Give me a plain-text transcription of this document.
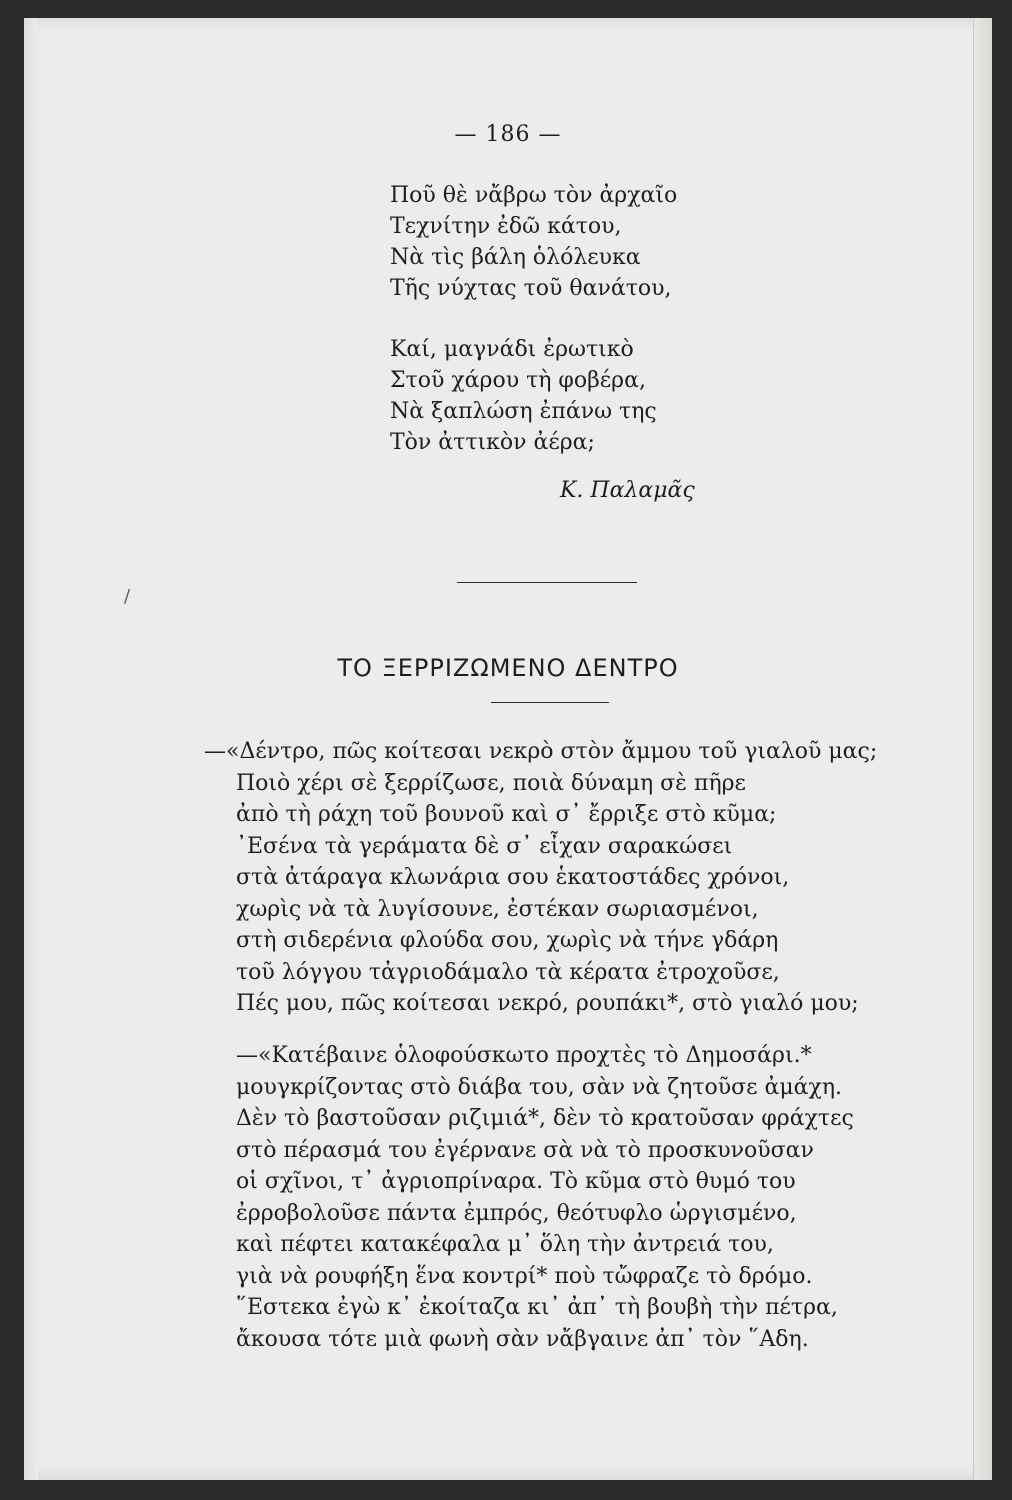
— 186 —
Ποῦ θὲ νἄβρω τὸν ἀρχαῖο
Τεχνίτην ἐδῶ κάτου,
Νὰ τὶς βάλη ὁλόλευκα
Τῆς νύχτας τοῦ θανάτου,
Καί, μαγνάδι ἐρωτικὸ
Στοῦ χάρου τὴ φοβέρα,
Νὰ ξαπλώση ἐπάνω της
Τὸν ἀττικὸν ἀέρα;
Κ. Παλαμᾶς
/
ΤΟ ΞΕΡΡΙΖΩΜΕΝΟ ΔΕΝΤΡΟ
—«Δέντρο, πῶς κοίτεσαι νεκρὸ στὸν ἄμμου τοῦ γιαλοῦ μας;
Ποιὸ χέρι σὲ ξερρίζωσε, ποιὰ δύναμη σὲ πῆρε
ἀπὸ τὴ ράχη τοῦ βουνοῦ καὶ σ᾽ ἔρριξε στὸ κῦμα;
᾽Εσένα τὰ γεράματα δὲ σ᾽ εἶχαν σαρακώσει
στὰ ἀτάραγα κλωνάρια σου ἑκατοστάδες χρόνοι,
χωρὶς νὰ τὰ λυγίσουνε, ἐστέκαν σωριασμένοι,
στὴ σιδερένια φλούδα σου, χωρὶς νὰ τήνε γδάρη
τοῦ λόγγου τἀγριοδάμαλο τὰ κέρατα ἐτροχοῦσε,
Πές μου, πῶς κοίτεσαι νεκρό, ρουπάκι*, στὸ γιαλό μου;
—«Κατέβαινε ὁλοφούσκωτο προχτὲς τὸ Δημοσάρι.*
μουγκρίζοντας στὸ διάβα του, σὰν νὰ ζητοῦσε ἀμάχη.
Δὲν τὸ βαστοῦσαν ριζιμιά*, δὲν τὸ κρατοῦσαν φράχτες
στὸ πέρασμά του ἐγέρνανε σὰ νὰ τὸ προσκυνοῦσαν
οἱ σχῖνοι, τ᾽ ἀγριοπρίναρα. Τὸ κῦμα στὸ θυμό του
ἐρροβολοῦσε πάντα ἐμπρός, θεότυφλο ὡργισμένο,
καὶ πέφτει κατακέφαλα μ᾽ ὅλη τὴν ἀντρειά του,
γιὰ νὰ ρουφήξη ἕνα κοντρί* ποὺ τὤφραζε τὸ δρόμο.
῞Εστεκα ἐγὼ κ᾽ ἐκοίταζα κι᾽ ἀπ᾽ τὴ βουβὴ τὴν πέτρα,
ἄκουσα τότε μιὰ φωνὴ σὰν νἄβγαινε ἀπ᾽ τὸν ῞Αδη.
